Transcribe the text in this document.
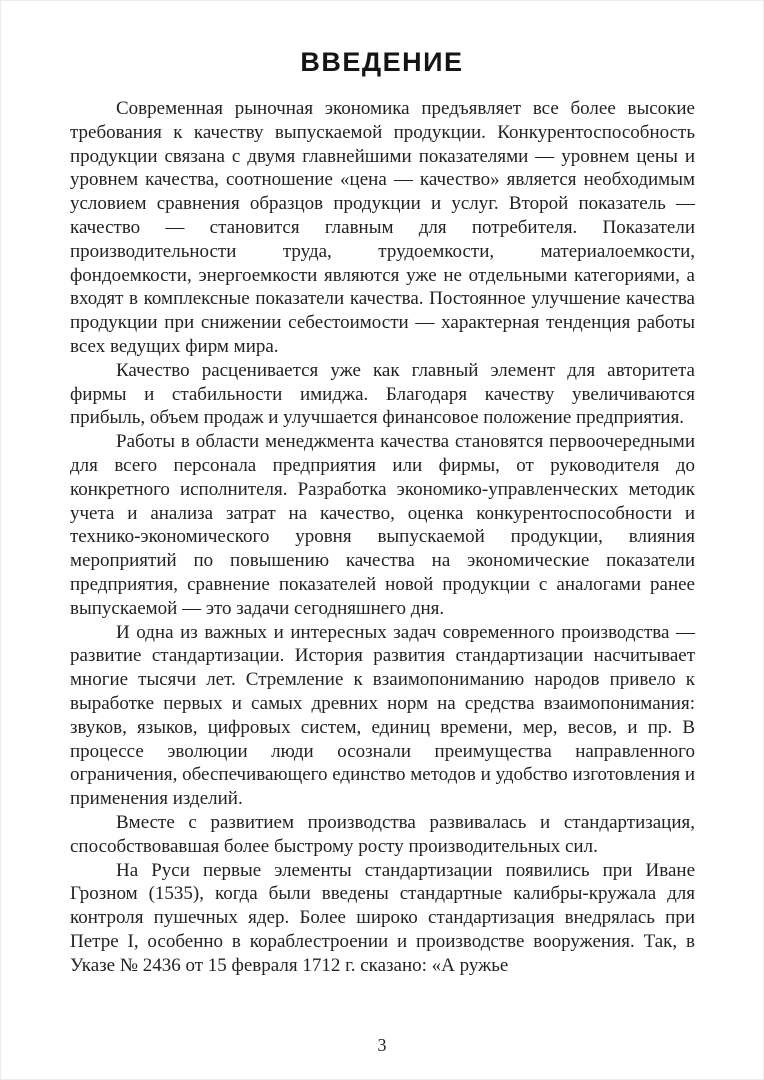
ВВЕДЕНИЕ

Современная рыночная экономика предъявляет все более высокие требования к качеству выпускаемой продукции. Конкурентоспособность продукции связана с двумя главнейшими показателями — уровнем цены и уровнем качества, соотношение «цена — качество» является необходимым условием сравнения образцов продукции и услуг. Второй показатель — качество — становится главным для потребителя. Показатели производительности труда, трудоемкости, материалоемкости, фондоемкости, энергоемкости являются уже не отдельными категориями, а входят в комплексные показатели качества. Постоянное улучшение качества продукции при снижении себестоимости — характерная тенденция работы всех ведущих фирм мира.

Качество расценивается уже как главный элемент для авторитета фирмы и стабильности имиджа. Благодаря качеству увеличиваются прибыль, объем продаж и улучшается финансовое положение предприятия.

Работы в области менеджмента качества становятся первоочередными для всего персонала предприятия или фирмы, от руководителя до конкретного исполнителя. Разработка экономико-управленческих методик учета и анализа затрат на качество, оценка конкурентоспособности и технико-экономического уровня выпускаемой продукции, влияния мероприятий по повышению качества на экономические показатели предприятия, сравнение показателей новой продукции с аналогами ранее выпускаемой — это задачи сегодняшнего дня.

И одна из важных и интересных задач современного производства — развитие стандартизации. История развития стандартизации насчитывает многие тысячи лет. Стремление к взаимопониманию народов привело к выработке первых и самых древних норм на средства взаимопонимания: звуков, языков, цифровых систем, единиц времени, мер, весов, и пр. В процессе эволюции люди осознали преимущества направленного ограничения, обеспечивающего единство методов и удобство изготовления и применения изделий.

Вместе с развитием производства развивалась и стандартизация, способствовавшая более быстрому росту производительных сил.

На Руси первые элементы стандартизации появились при Иване Грозном (1535), когда были введены стандартные калибры-кружала для контроля пушечных ядер. Более широко стандартизация внедрялась при Петре I, особенно в кораблестроении и производстве вооружения. Так, в Указе № 2436 от 15 февраля 1712 г. сказано: «А ружье

3
